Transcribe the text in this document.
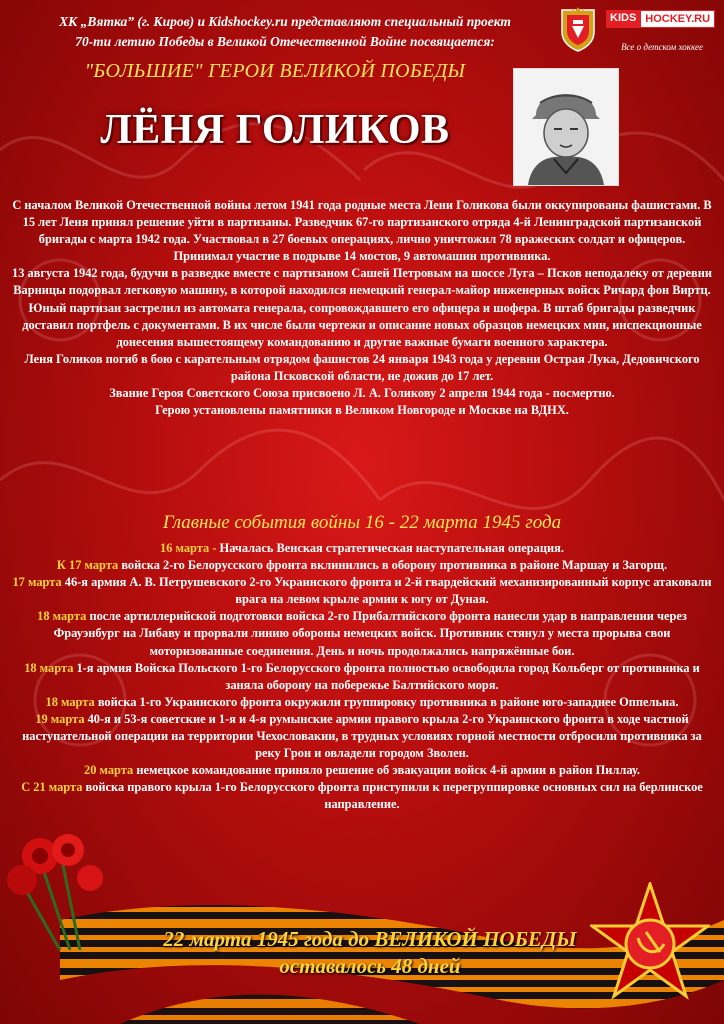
ХК „Вятка” (г. Киров) и Kidshockey.ru представляют специальный проект
70-ти летию Победы в Великой Отечественной Войне посвящается:
KIDS HOCKEY.RU
Все о детском хоккее
"БОЛЬШИЕ" ГЕРОИ ВЕЛИКОЙ ПОБЕДЫ
ЛЁНЯ ГОЛИКОВ

С началом Великой Отечественной войны летом 1941 года родные места Лени Голикова были оккупированы фашистами. В 15 лет Леня принял решение уйти в партизаны. Разведчик 67-го партизанского отряда 4-й Ленинградской партизанской бригады с марта 1942 года. Участвовал в 27 боевых операциях, лично уничтожил 78 вражеских солдат и офицеров. Принимал участие в подрыве 14 мостов, 9 автомашин противника.

13 августа 1942 года, будучи в разведке вместе с партизаном Сашей Петровым на шоссе Луга – Псков неподалеку от деревни Варницы подорвал легковую машину, в которой находился немецкий генерал-майор инженерных войск Ричард фон Виртц.

Юный партизан застрелил из автомата генерала, сопровождавшего его офицера и шофера. В штаб бригады разведчик доставил портфель с документами. В их числе были чертежи и описание новых образцов немецких мин, инспекционные донесения вышестоящему командованию и другие важные бумаги военного характера.

Леня Голиков погиб в бою с карательным отрядом фашистов 24 января 1943 года у деревни Острая Лука, Дедовичского района Псковской области, не дожив до 17 лет.

Звание Героя Советского Союза присвоено Л. А. Голикову 2 апреля 1944 года - посмертно.

Герою установлены памятники в Великом Новгороде и Москве на ВДНХ.

Главные события войны 16 - 22 марта 1945 года

16 марта - Началась Венская стратегическая наступательная операция.

К 17 марта войска 2-го Белорусского фронта вклинились в оборону противника в районе Маршау и Загорщ.

17 марта 46-я армия А. В. Петрушевского 2-го Украинского фронта и 2-й гвардейский механизированный корпус атаковали врага на левом крыле армии к югу от Дуная.

18 марта после артиллерийской подготовки войска 2-го Прибалтийского фронта нанесли удар в направлении через Фрауэнбург на Либаву и прорвали линию обороны немецких войск. Противник стянул у места прорыва свои моторизованные соединения. День и ночь продолжались напряжённые бои.

18 марта 1-я армия Войска Польского 1-го Белорусского фронта полностью освободила город Кольберг от противника и заняла оборону на побережье Балтийского моря.

18 марта войска 1-го Украинского фронта окружили группировку противника в районе юго-западнее Оппельна.

19 марта 40-я и 53-я советские и 1-я и 4-я румынские армии правого крыла 2-го Украинского фронта в ходе частной наступательной операции на территории Чехословакии, в трудных условиях горной местности отбросили противника за реку Грон и овладели городом Зволен.

20 марта немецкое командование приняло решение об эвакуации войск 4-й армии в район Пиллау.

С 21 марта войска правого крыла 1-го Белорусского фронта приступили к перегруппировке основных сил на берлинское направление.

22 марта 1945 года до ВЕЛИКОЙ ПОБЕДЫ
оставалось 48 дней
